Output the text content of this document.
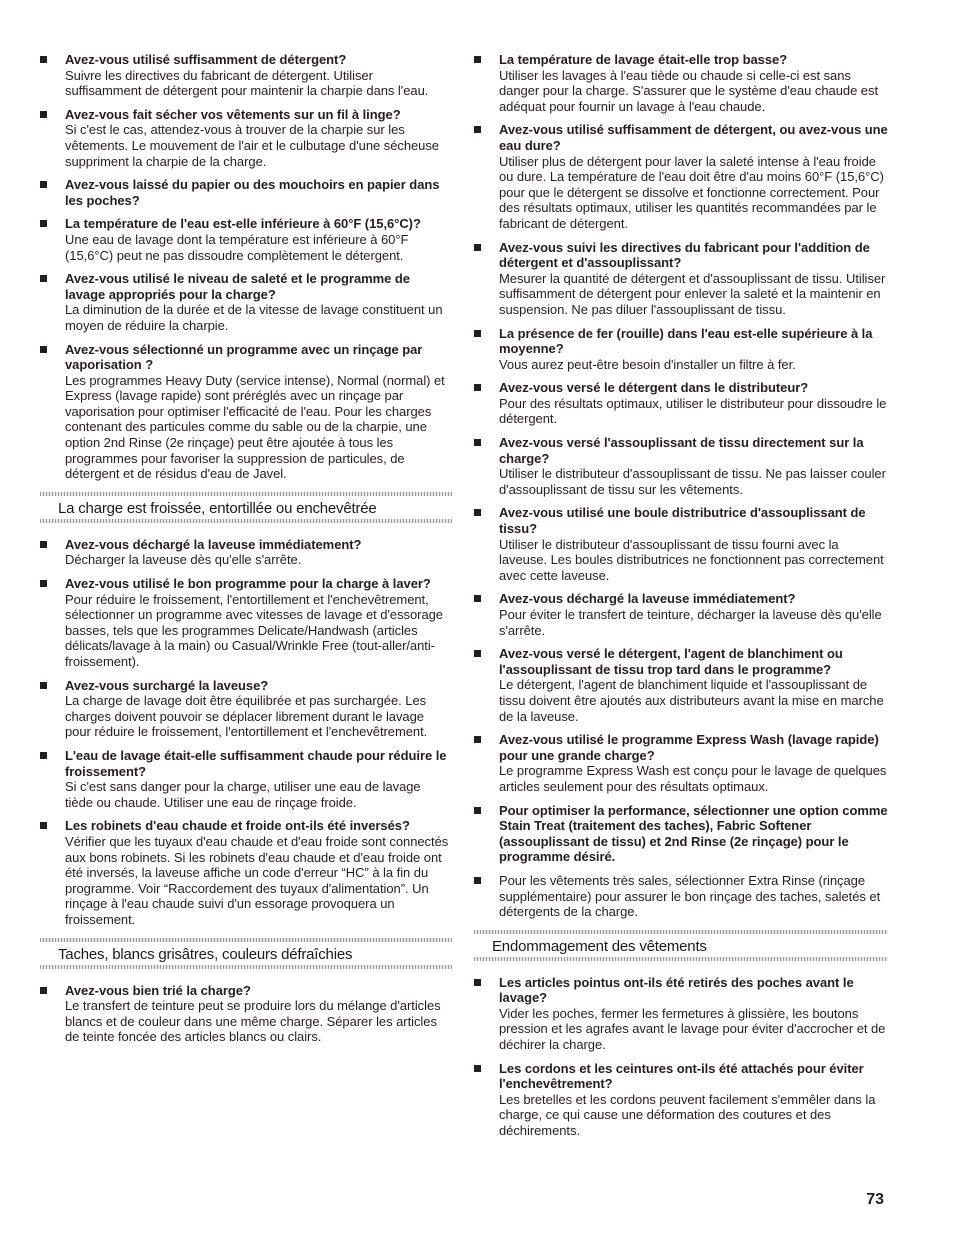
Avez-vous utilisé suffisamment de détergent?
Suivre les directives du fabricant de détergent. Utiliser suffisamment de détergent pour maintenir la charpie dans l'eau.
Avez-vous fait sécher vos vêtements sur un fil à linge?
Si c'est le cas, attendez-vous à trouver de la charpie sur les vêtements. Le mouvement de l'air et le culbutage d'une sécheuse suppriment la charpie de la charge.
Avez-vous laissé du papier ou des mouchoirs en papier dans les poches?
La température de l'eau est-elle inférieure à 60°F (15,6°C)?
Une eau de lavage dont la température est inférieure à 60°F (15,6°C) peut ne pas dissoudre complètement le détergent.
Avez-vous utilisé le niveau de saleté et le programme de lavage appropriés pour la charge?
La diminution de la durée et de la vitesse de lavage constituent un moyen de réduire la charpie.
Avez-vous sélectionné un programme avec un rinçage par vaporisation ?
Les programmes Heavy Duty (service intense), Normal (normal) et Express (lavage rapide) sont préréglés avec un rinçage par vaporisation pour optimiser l'efficacité de l'eau. Pour les charges contenant des particules comme du sable ou de la charpie, une option 2nd Rinse (2e rinçage) peut être ajoutée à tous les programmes pour favoriser la suppression de particules, de détergent et de résidus d'eau de Javel.
La charge est froissée, entortillée ou enchevêtrée
Avez-vous déchargé la laveuse immédiatement?
Décharger la laveuse dès qu'elle s'arrête.
Avez-vous utilisé le bon programme pour la charge à laver?
Pour réduire le froissement, l'entortillement et l'enchevêtrement, sélectionner un programme avec vitesses de lavage et d'essorage basses, tels que les programmes Delicate/Handwash (articles délicats/lavage à la main) ou Casual/Wrinkle Free (tout-aller/anti-froissement).
Avez-vous surchargé la laveuse?
La charge de lavage doit être équilibrée et pas surchargée. Les charges doivent pouvoir se déplacer librement durant le lavage pour réduire le froissement, l'entortillement et l'enchevêtrement.
L'eau de lavage était-elle suffisamment chaude pour réduire le froissement?
Si c'est sans danger pour la charge, utiliser une eau de lavage tiède ou chaude. Utiliser une eau de rinçage froide.
Les robinets d'eau chaude et froide ont-ils été inversés?
Vérifier que les tuyaux d'eau chaude et d'eau froide sont connectés aux bons robinets. Si les robinets d'eau chaude et d'eau froide ont été inversés, la laveuse affiche un code d'erreur “HC” à la fin du programme. Voir “Raccordement des tuyaux d'alimentation”. Un rinçage à l'eau chaude suivi d'un essorage provoquera un froissement.
Taches, blancs grisâtres, couleurs défraîchies
Avez-vous bien trié la charge?
Le transfert de teinture peut se produire lors du mélange d'articles blancs et de couleur dans une même charge. Séparer les articles de teinte foncée des articles blancs ou clairs.
La température de lavage était-elle trop basse?
Utiliser les lavages à l'eau tiède ou chaude si celle-ci est sans danger pour la charge. S'assurer que le système d'eau chaude est adéquat pour fournir un lavage à l'eau chaude.
Avez-vous utilisé suffisamment de détergent, ou avez-vous une eau dure?
Utiliser plus de détergent pour laver la saleté intense à l'eau froide ou dure. La température de l'eau doit être d'au moins 60°F (15,6°C) pour que le détergent se dissolve et fonctionne correctement. Pour des résultats optimaux, utiliser les quantités recommandées par le fabricant de détergent.
Avez-vous suivi les directives du fabricant pour l'addition de détergent et d'assouplissant?
Mesurer la quantité de détergent et d'assouplissant de tissu. Utiliser suffisamment de détergent pour enlever la saleté et la maintenir en suspension. Ne pas diluer l'assouplissant de tissu.
La présence de fer (rouille) dans l'eau est-elle supérieure à la moyenne?
Vous aurez peut-être besoin d'installer un filtre à fer.
Avez-vous versé le détergent dans le distributeur?
Pour des résultats optimaux, utiliser le distributeur pour dissoudre le détergent.
Avez-vous versé l'assouplissant de tissu directement sur la charge?
Utiliser le distributeur d'assouplissant de tissu. Ne pas laisser couler d'assouplissant de tissu sur les vêtements.
Avez-vous utilisé une boule distributrice d'assouplissant de tissu?
Utiliser le distributeur d'assouplissant de tissu fourni avec la laveuse. Les boules distributrices ne fonctionnent pas correctement avec cette laveuse.
Avez-vous déchargé la laveuse immédiatement?
Pour éviter le transfert de teinture, décharger la laveuse dès qu'elle s'arrête.
Avez-vous versé le détergent, l'agent de blanchiment ou l'assouplissant de tissu trop tard dans le programme?
Le détergent, l'agent de blanchiment liquide et l'assouplissant de tissu doivent être ajoutés aux distributeurs avant la mise en marche de la laveuse.
Avez-vous utilisé le programme Express Wash (lavage rapide) pour une grande charge?
Le programme Express Wash est conçu pour le lavage de quelques articles seulement pour des résultats optimaux.
Pour optimiser la performance, sélectionner une option comme Stain Treat (traitement des taches), Fabric Softener (assouplissant de tissu) et 2nd Rinse (2e rinçage) pour le programme désiré.
Pour les vêtements très sales, sélectionner Extra Rinse (rinçage supplémentaire) pour assurer le bon rinçage des taches, saletés et détergents de la charge.
Endommagement des vêtements
Les articles pointus ont-ils été retirés des poches avant le lavage?
Vider les poches, fermer les fermetures à glissière, les boutons pression et les agrafes avant le lavage pour éviter d'accrocher et de déchirer la charge.
Les cordons et les ceintures ont-ils été attachés pour éviter l'enchevêtrement?
Les bretelles et les cordons peuvent facilement s'emmêler dans la charge, ce qui cause une déformation des coutures et des déchirements.
73
